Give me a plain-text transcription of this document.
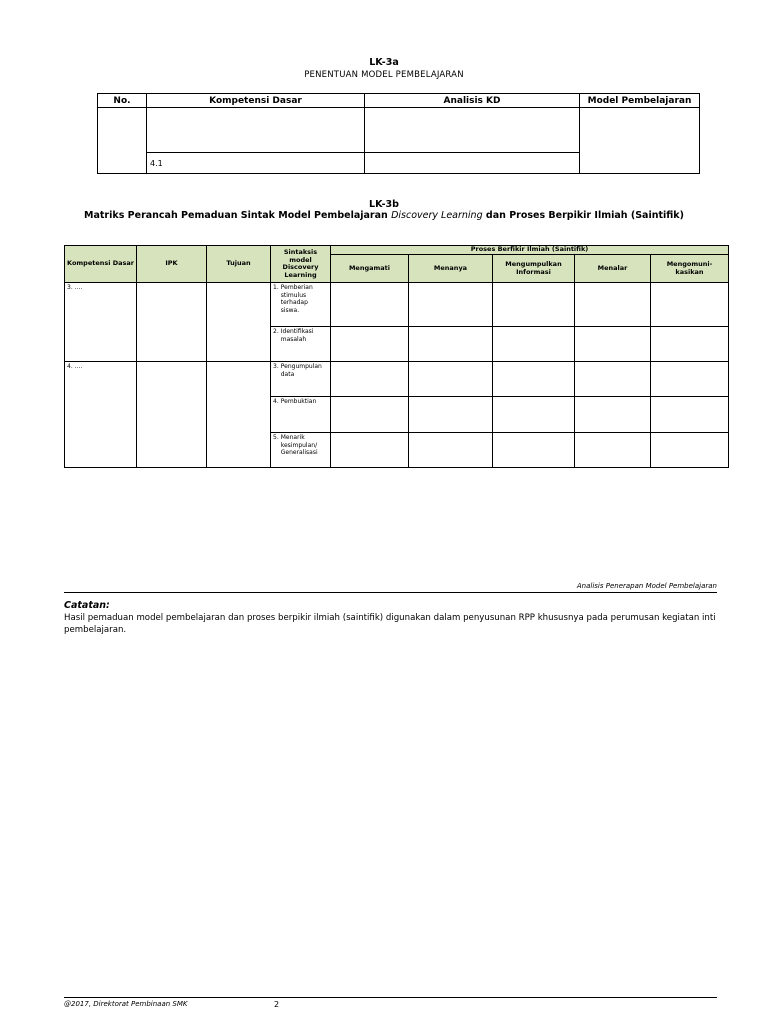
LK-3a
PENENTUAN MODEL PEMBELAJARAN
No.	Kompetensi Dasar	Analisis KD	Model Pembelajaran

	4.1		
LK-3b
Matriks Perancah Pemaduan Sintak Model Pembelajaran Discovery Learning dan Proses Berpikir Ilmiah (Saintifik)
Kompetensi Dasar	IPK	Tujuan	Sintaksis model Discovery Learning	Proses Berfikir Ilmiah (Saintifik)				
				Mengamati	Menanya	Mengumpulkan Informasi	Menalar	Mengomuni-kasikan
3. ....			1. Pemberian stimulus terhadap siswa.					

			2. Identifikasi masalah					

4. ....			3. Pengumpulan data					

			4. Pembuktian					

			5. Menarik kesimpulan/ Generalisasi					

Analisis Penerapan Model Pembelajaran
Catatan:
Hasil pemaduan model pembelajaran dan proses berpikir ilmiah (saintifik) digunakan dalam penyusunan RPP khususnya pada perumusan kegiatan inti pembelajaran.
@2017, Direktorat Pembinaan SMK	2
